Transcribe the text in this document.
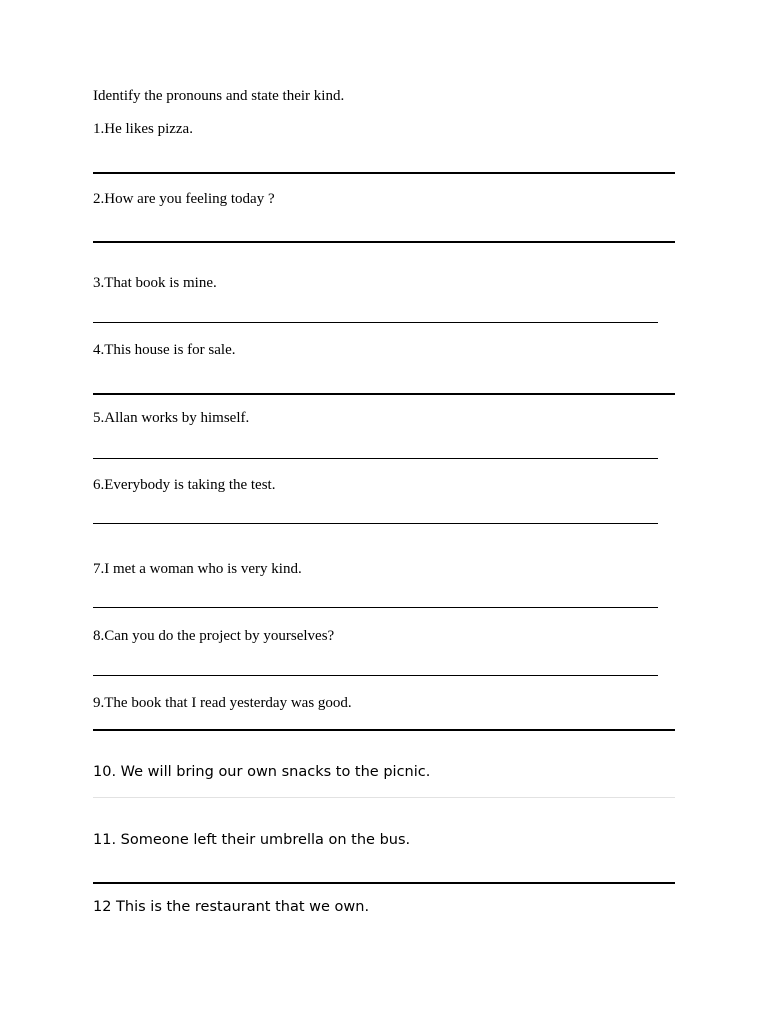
Identify the pronouns and state their kind.
1.He likes pizza.
2.How are you feeling today ?
3.That book is mine.
4.This house is for sale.
5.Allan works by himself.
6.Everybody is taking the test.
7.I met a woman who is very kind.
8.Can you do the project by yourselves?
9.The book that I read yesterday was good.
10. We will bring our own snacks to the picnic.
11. Someone left their umbrella on the bus.
12 This is the restaurant that we own.
